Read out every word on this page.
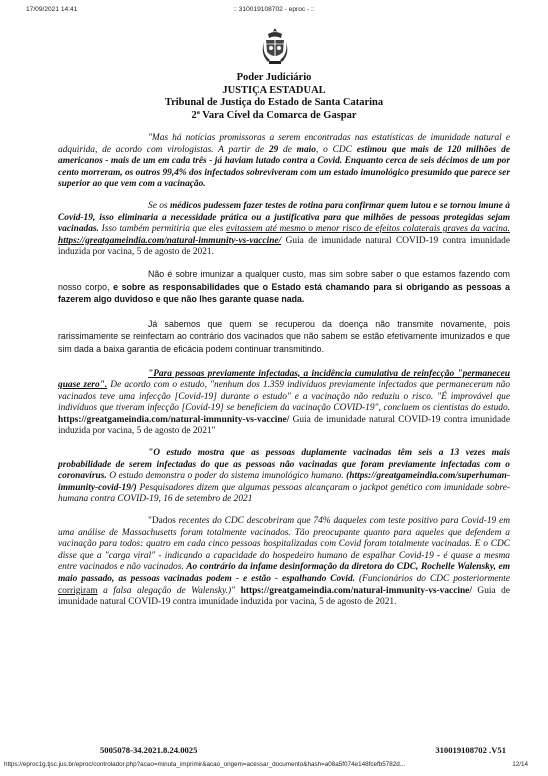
17/09/2021 14:41	:: 310019108702 - eproc - ::
Poder Judiciário
JUSTIÇA ESTADUAL
Tribunal de Justiça do Estado de Santa Catarina
2ª Vara Cível da Comarca de Gaspar

"Mas há notícias promissoras a serem encontradas nas estatísticas de imunidade natural e adquirida, de acordo com virologistas. A partir de 29 de maio, o CDC estimou que mais de 120 milhões de americanos - mais de um em cada três - já haviam lutado contra a Covid. Enquanto cerca de seis décimos de um por cento morreram, os outros 99,4% dos infectados sobreviveram com um estado imunológico presumido que parece ser superior ao que vem com a vacinação.

Se os médicos pudessem fazer testes de rotina para confirmar quem lutou e se tornou imune à Covid-19, isso eliminaria a necessidade prática ou a justificativa para que milhões de pessoas protegidas sejam vacinadas. Isso também permitiria que eles evitassem até mesmo o menor risco de efeitos colaterais graves da vacina. https://greatgameindia.com/natural-immunity-vs-vaccine/ Guia de imunidade natural COVID-19 contra imunidade induzida por vacina, 5 de agosto de 2021.

Não é sobre imunizar a qualquer custo, mas sim sobre saber o que estamos fazendo com nosso corpo, e sobre as responsabilidades que o Estado está chamando para si obrigando as pessoas a fazerem algo duvidoso e que não lhes garante quase nada.

Já sabemos que quem se recuperou da doença não transmite novamente, pois rarissimamente se reinfectam ao contrário dos vacinados que não sabem se estão efetivamente imunizados e que sim dada a baixa garantia de eficácia podem continuar transmitindo.

"Para pessoas previamente infectadas, a incidência cumulativa de reinfecção "permaneceu quase zero". De acordo com o estudo, "nenhum dos 1.359 indivíduos previamente infectados que permaneceram não vacinados teve uma infecção [Covid-19] durante o estudo" e a vacinação não reduziu o risco. "É improvável que indivíduos que tiveram infecção [Covid-19] se beneficiem da vacinação COVID-19", concluem os cientistas do estudo. https://greatgameindia.com/natural-immunity-vs-vaccine/ Guia de imunidade natural COVID-19 contra imunidade induzida por vacina, 5 de agosto de 2021"

"O estudo mostra que as pessoas duplamente vacinadas têm seis a 13 vezes mais probabilidade de serem infectadas do que as pessoas não vacinadas que foram previamente infectadas com o coronavírus. O estudo demonstra o poder do sistema imunológico humano. (https://greatgameindia.com/superhuman-immunity-covid-19/) Pesquisadores dizem que algumas pessoas alcançaram o jackpot genético com imunidade sobre-humana contra COVID-19, 16 de setembro de 2021

"Dados recentes do CDC descobriram que 74% daqueles com teste positivo para Covid-19 em uma análise de Massachusetts foram totalmente vacinados. Tão preocupante quanto para aqueles que defendem a vacinação para todos: quatro em cada cinco pessoas hospitalizadas com Covid foram totalmente vacinadas. E o CDC disse que a "carga viral" - indicando a capacidade do hospedeiro humano de espalhar Covid-19 - é quase a mesma entre vacinados e não vacinados. Ao contrário da infame desinformação da diretora do CDC, Rochelle Walensky, em maio passado, as pessoas vacinadas podem - e estão - espalhando Covid. (Funcionários do CDC posteriormente corrigiram a falsa alegação de Walensky.)" https://greatgameindia.com/natural-immunity-vs-vaccine/ Guia de imunidade natural COVID-19 contra imunidade induzida por vacina, 5 de agosto de 2021.

5005078-34.2021.8.24.0025	310019108702 .V51
https://eproc1g.tjsc.jus.br/eproc/controlador.php?acao=minuta_imprimir&acao_origem=acessar_documento&hash=a08a5f074e148fcefb5782d...	12/14
